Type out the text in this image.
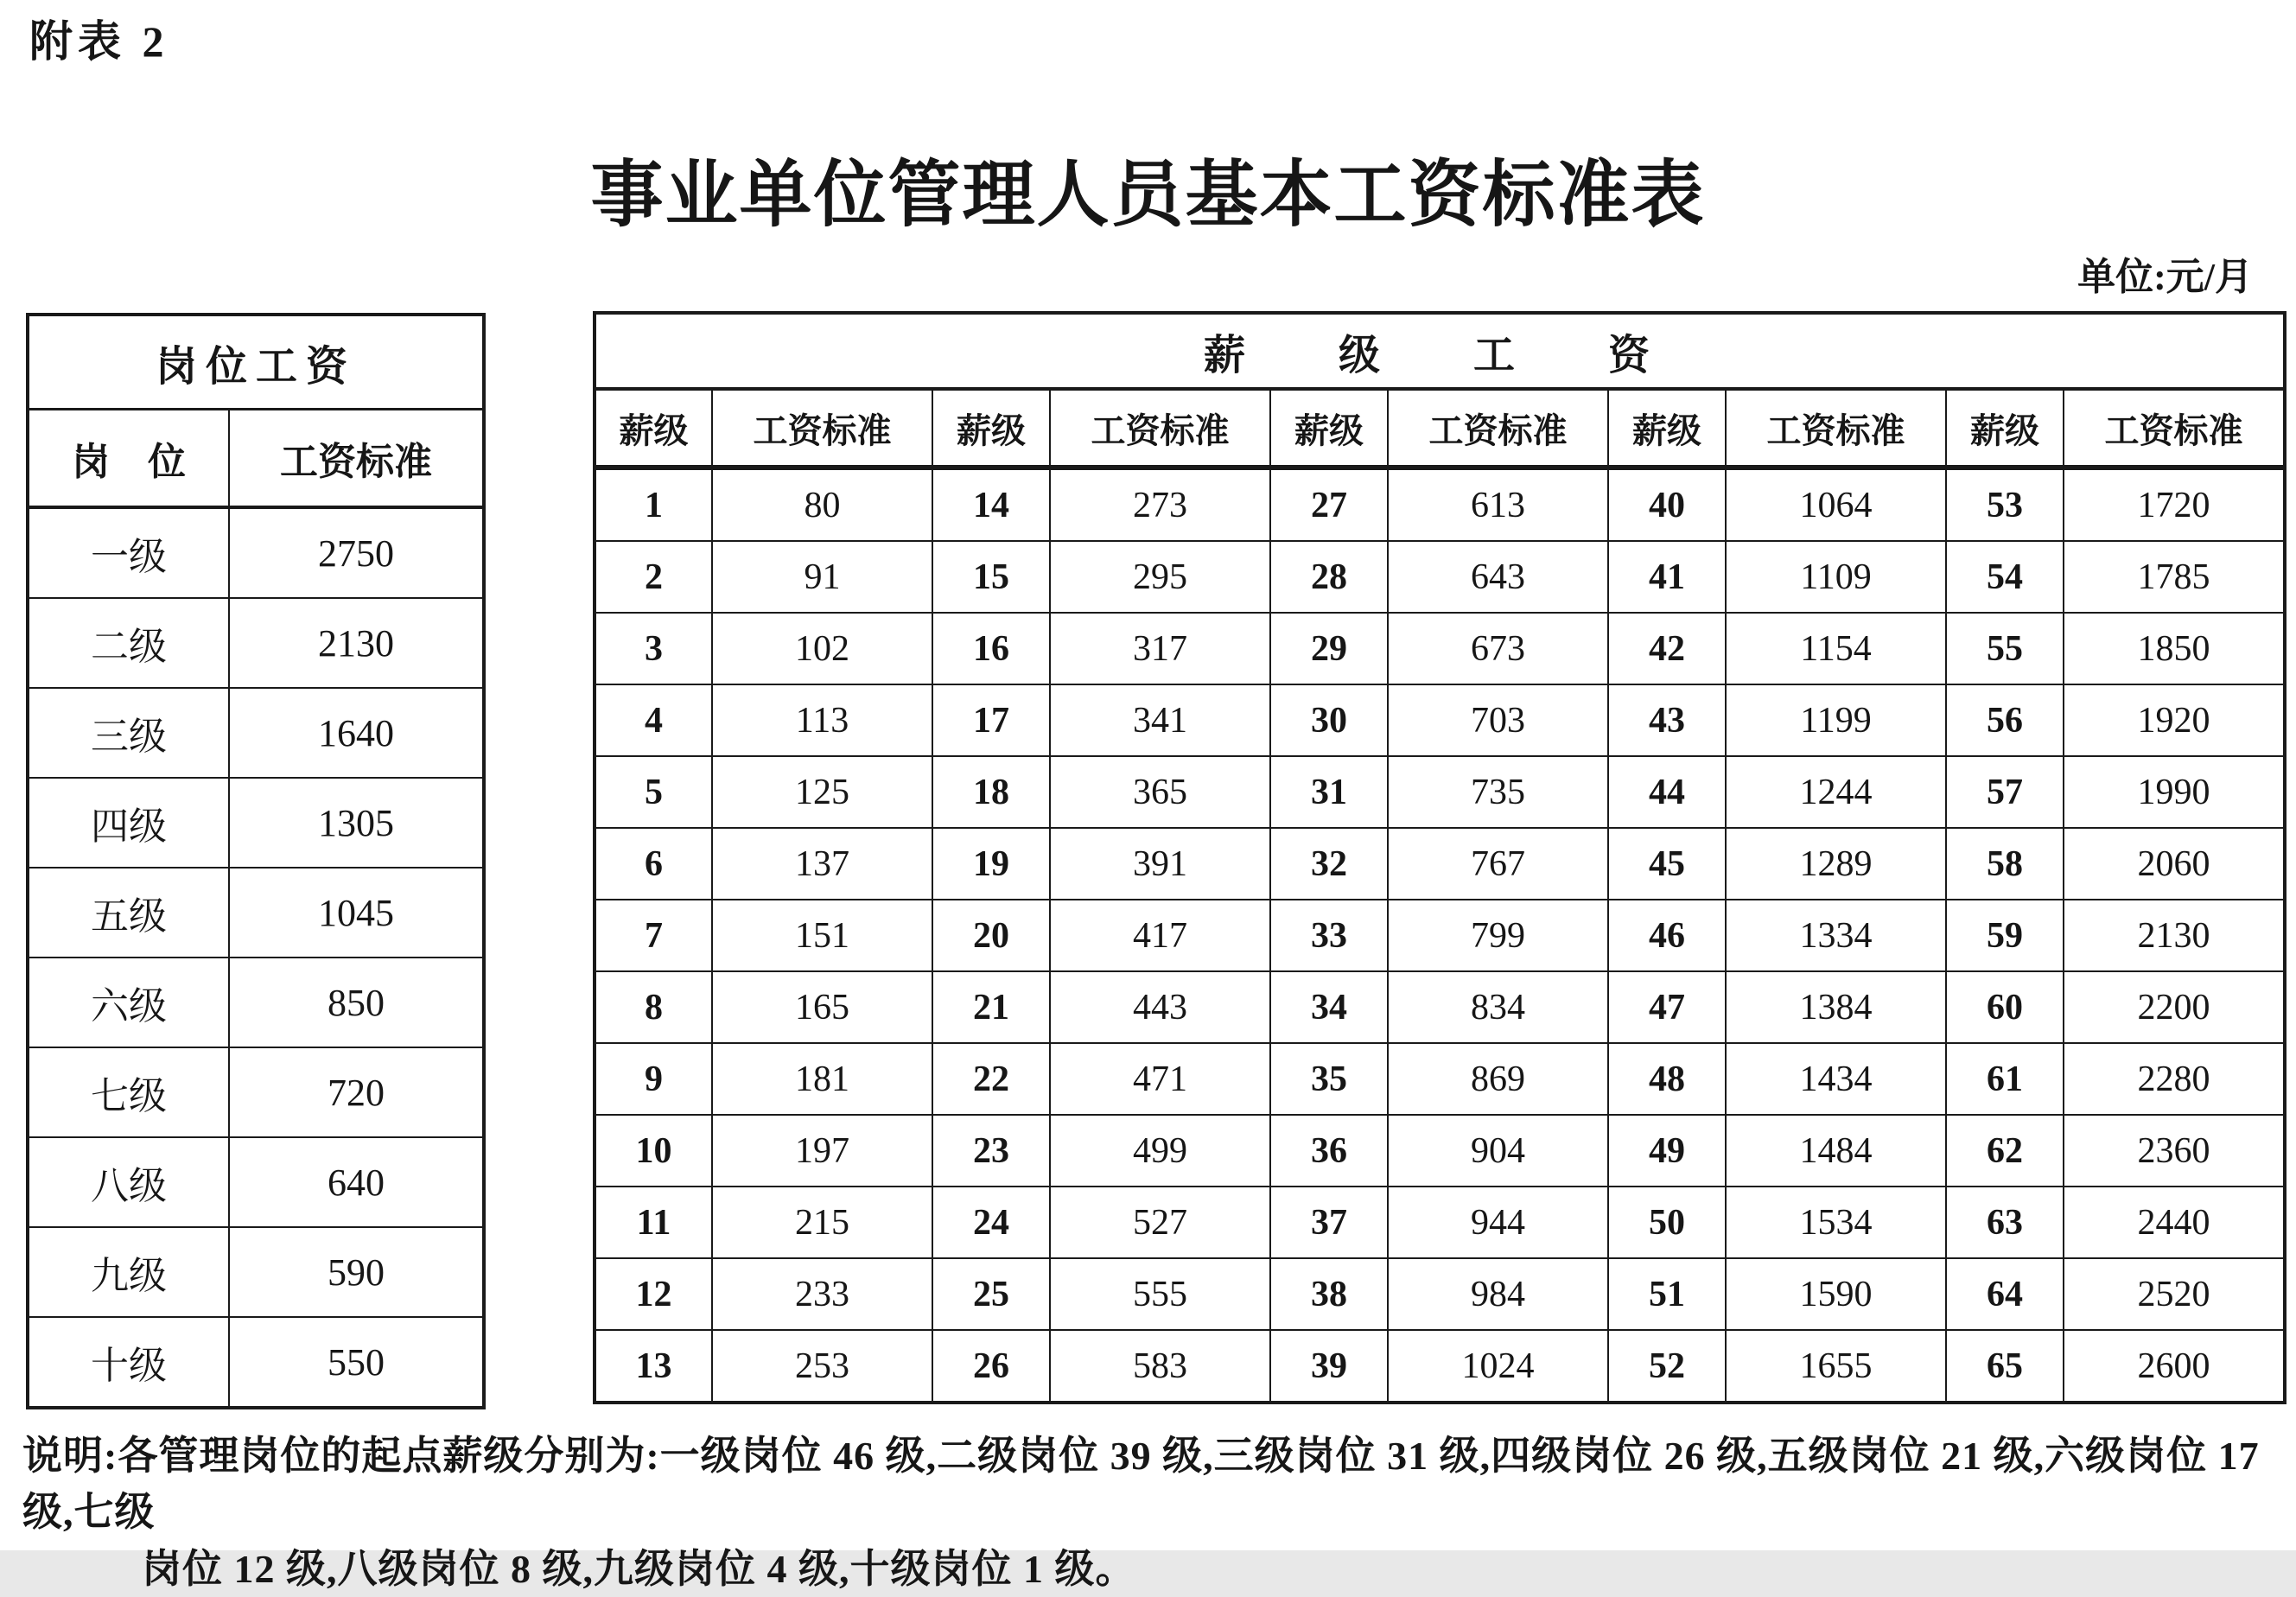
附表 2
事业单位管理人员基本工资标准表
单位:元/月
岗位工资	
岗　位	工资标准
一级	2750
二级	2130
三级	1640
四级	1305
五级	1045
六级	850
七级	720
八级	640
九级	590
十级	550
薪　级　工　资									
薪级	工资标准	薪级	工资标准	薪级	工资标准	薪级	工资标准	薪级	工资标准
1	80	14	273	27	613	40	1064	53	1720
2	91	15	295	28	643	41	1109	54	1785
3	102	16	317	29	673	42	1154	55	1850
4	113	17	341	30	703	43	1199	56	1920
5	125	18	365	31	735	44	1244	57	1990
6	137	19	391	32	767	45	1289	58	2060
7	151	20	417	33	799	46	1334	59	2130
8	165	21	443	34	834	47	1384	60	2200
9	181	22	471	35	869	48	1434	61	2280
10	197	23	499	36	904	49	1484	62	2360
11	215	24	527	37	944	50	1534	63	2440
12	233	25	555	38	984	51	1590	64	2520
13	253	26	583	39	1024	52	1655	65	2600
说明:各管理岗位的起点薪级分别为:一级岗位 46 级,二级岗位 39 级,三级岗位 31 级,四级岗位 26 级,五级岗位 21 级,六级岗位 17 级,七级
岗位 12 级,八级岗位 8 级,九级岗位 4 级,十级岗位 1 级。
